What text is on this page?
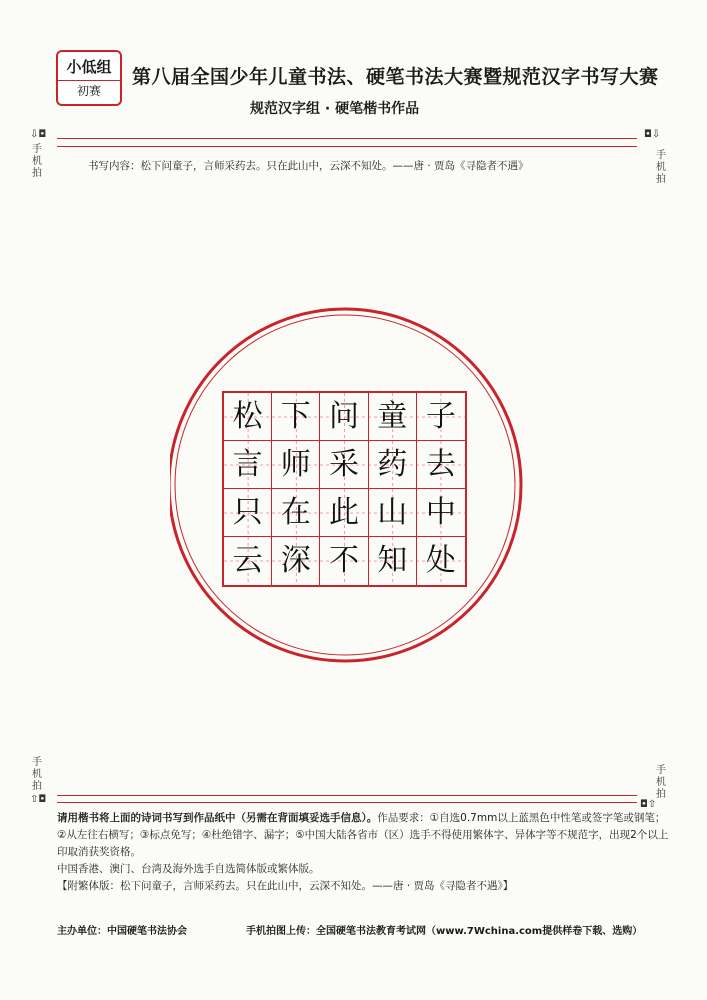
小低组
初赛
第八届全国少年儿童书法、硬笔书法大赛暨规范汉字书写大赛
规范汉字组 · 硬笔楷书作品
⇩◘
手机拍
◘⇩
手机拍
书写内容：松下问童子，言师采药去。只在此山中，云深不知处。——唐 · 贾岛《寻隐者不遇》
松 下 问 童 子
言 师 采 药 去
只 在 此 山 中
云 深 不 知 处
手机拍
⇧◘
手机拍
◘⇧
请用楷书将上面的诗词书写到作品纸中（另需在背面填妥选手信息）。作品要求：①自选0.7mm以上蓝黑色中性笔或签字笔或钢笔；②从左往右横写；③标点免写；④杜绝错字、漏字；⑤中国大陆各省市（区）选手不得使用繁体字、异体字等不规范字，出现2个以上印取消获奖资格。
中国香港、澳门、台湾及海外选手自选简体版或繁体版。
【附繁体版：松下问童子，言师采药去。只在此山中，云深不知处。——唐 · 贾岛《寻隐者不遇》】
主办单位：中国硬笔书法协会	手机拍图上传：全国硬笔书法教育考试网（www.7Wchina.com提供样卷下载、选购）
